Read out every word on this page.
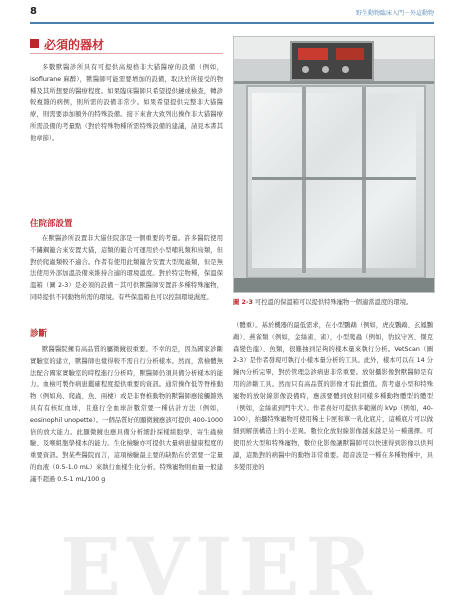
8	野生動物臨床入門－外這動物
EVIER
必須的器材

多數獸醫診所具有可提供高規格非大貓醫療的設備（例如，isoflurane 麻醉），獸醫師可能需要增加的設備，取決於所接受的物種及其所想要的醫療程度。如果臨床醫師只希望提供鏈或檢查，轉診較複雜的病例，則所需的設備非常少。如果希望提供完整非大貓醫療，則需要添加額外的特殊設備。接下來會大致列出操作非大貓醫療所需設備的考量點（對於特殊物種所需特殊設備的建議，請見本書其他章節）。

住院部設置

在獸醫診所設置非大貓住院部是一個重要的考量。許多醫院使用不鏽鋼籠合來安置犬貓，這類的籠合可運用於小型哺乳類和鳥類，但對於爬蟲類較不適合。作者有使用此類籠舍安置大型爬蟲類，但是無法使用外部加溫設備來維持合適的環境溫度。對於特定物種，保溫保溫箱（圖 2-3）是必須的設備－其可供獸醫師安置許多種特殊寵物，同時提供不同動物所需的環境。有些保溫箱也可以控制環境濕度。

診斷

獸醫醫院擁有高品質的屬微鏡很重要。不幸的是，因為國家診斷實驗室的建立，獸醫師也覺得較不需自行分析樣本。然而，當檢體無法配合國家實驗室的時程進行分析時，獸醫師仍須具備分析樣本的能力。血檢可製作病患鑑確程度提供重要的資訊。通常操作低等脊椎動物（例如鳥、爬蟲、魚、兩棲）或是非脊椎動物的獸醫師應接觸雜熟具有有核紅血球，且進行全血球計數常要一種估計方法（例如，eosinophil unopette）。一個品質好的顯微鏡應該可提供 400-1000 倍的放大能力。此顯微鏡也應具備分析細針採樣組胞學、寄生蟲檢驗、及喉組胞學樣本的能力。生化檢驗亦可提供大量病患健康程度的重要資訊。對某些醫院而言，這項檢驗最主要的缺點在於需要一定量的血液（0.5-1.0 mL）來執行血樣生化分析。特殊寵物則血量一般建議不超過 0.5-1 mL/100 g

圖 2-3 可控溫的保溫箱可以提供特殊寵物一個適當溫度的環境。

（體重）。基於機器的最低需求，在小型鸚鵡（例如，虎皮鸚鵡、玄鳳鸚鵡）、燕雀類（例如，金絲雀、雀），小型爬蟲（例如，豹紋守宮、傑克森變色龍）、魚類，很難抽到足夠的樣本量來執行分析。VetScan（圖 2-3）是作者發現可執行小樣本量分析的工具。此外，樣本可以在 14 分鐘內分析完畢，對於管理急診病患非常重要。放射攝影像對獸醫師是有用的診斷工具。然而只有高品質的影像才有此價值。當考慮小型和特殊寵物的放射線影像設備時，應該要體到放射同樣多種動物體型的體型（例如，金絲雀到門牛犬）。作者喜好可提供多範圍的 kVp（例如，40-100），拍攝特殊寵物可使用稀土卡匣和單一乳化底片，這種底片可以做細到解剖構造上的小差異。數位化放射線影像越來越是另一種選擇。可使用於大型和特殊寵物，數位化影像讓獸醫師可以快速得到影像以供判讀，這點對的病醫中的動物非常重要。超音波是一種在多種物種中，具多變用途的
